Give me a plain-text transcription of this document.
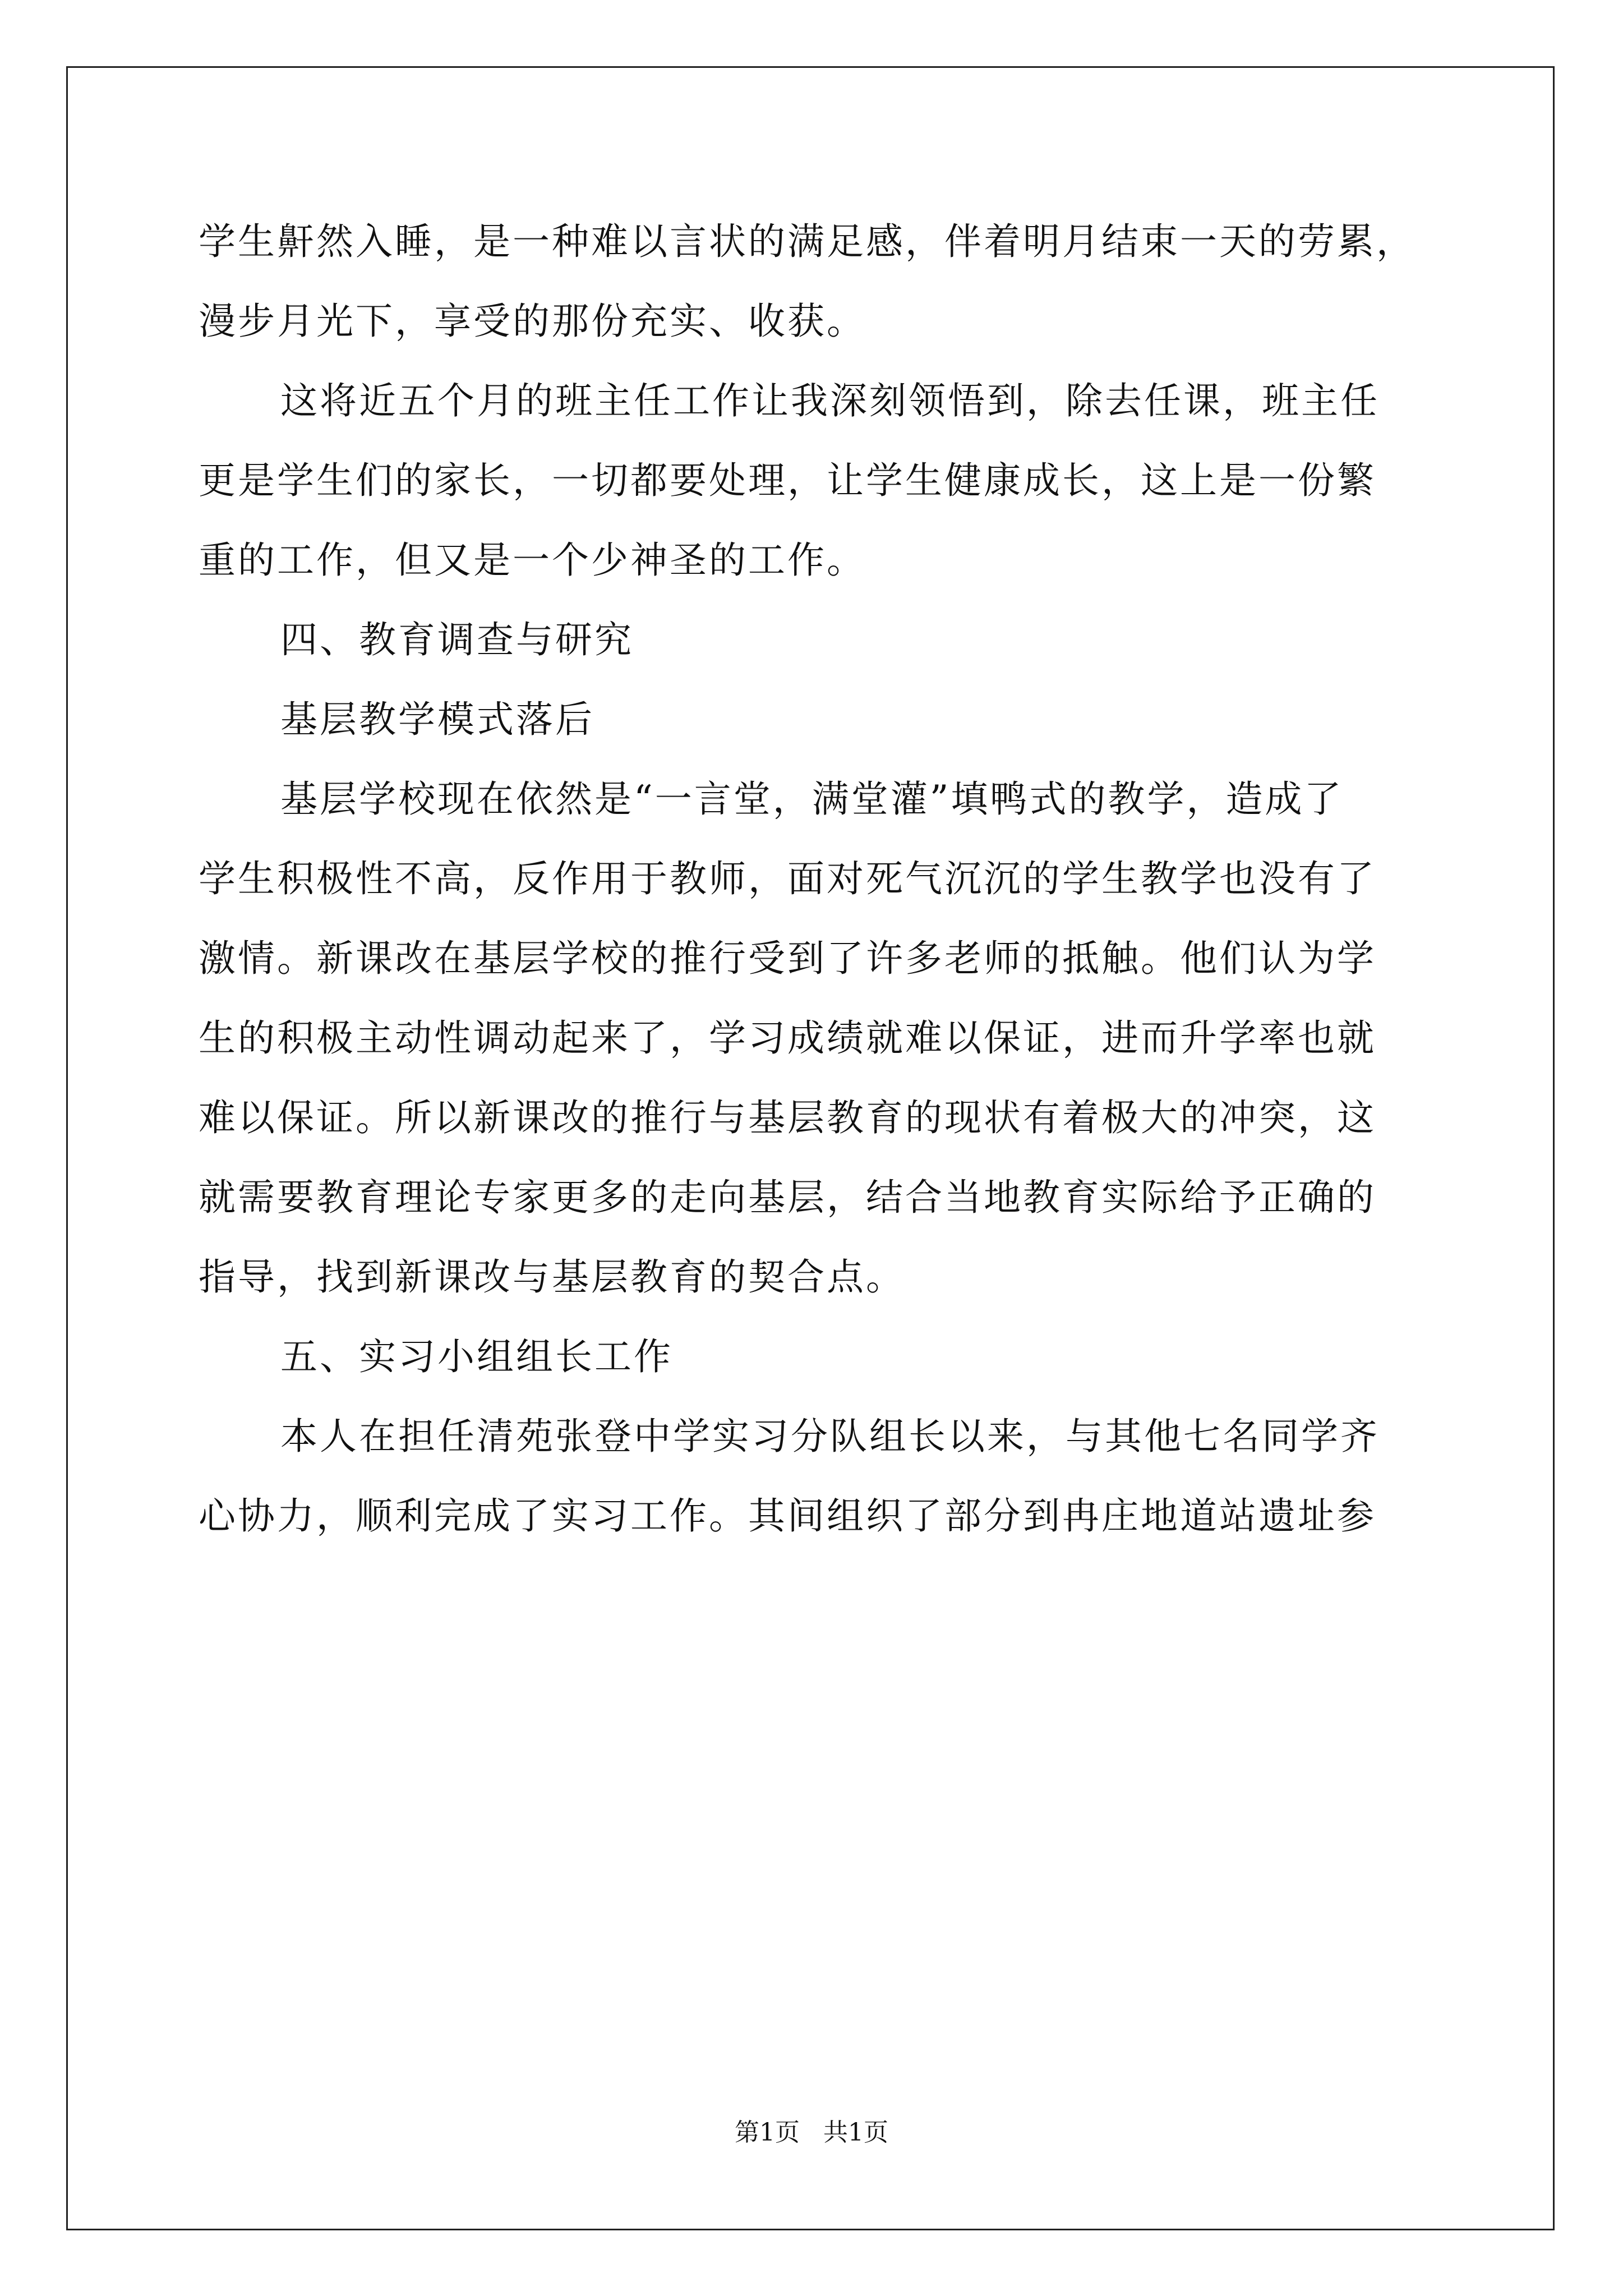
学生鼾然入睡，是一种难以言状的满足感，伴着明月结束一天的劳累，

漫步月光下，享受的那份充实、收获。

这将近五个月的班主任工作让我深刻领悟到，除去任课，班主任

更是学生们的家长，一切都要处理，让学生健康成长，这上是一份繁

重的工作，但又是一个少神圣的工作。

四、教育调查与研究

基层教学模式落后

基层学校现在依然是“一言堂，满堂灌”填鸭式的教学，造成了

学生积极性不高，反作用于教师，面对死气沉沉的学生教学也没有了

激情。新课改在基层学校的推行受到了许多老师的抵触。他们认为学

生的积极主动性调动起来了，学习成绩就难以保证，进而升学率也就

难以保证。所以新课改的推行与基层教育的现状有着极大的冲突，这

就需要教育理论专家更多的走向基层，结合当地教育实际给予正确的

指导，找到新课改与基层教育的契合点。

五、实习小组组长工作

本人在担任清苑张登中学实习分队组长以来，与其他七名同学齐

心协力，顺利完成了实习工作。其间组织了部分到冉庄地道站遗址参

第1页 共1页
